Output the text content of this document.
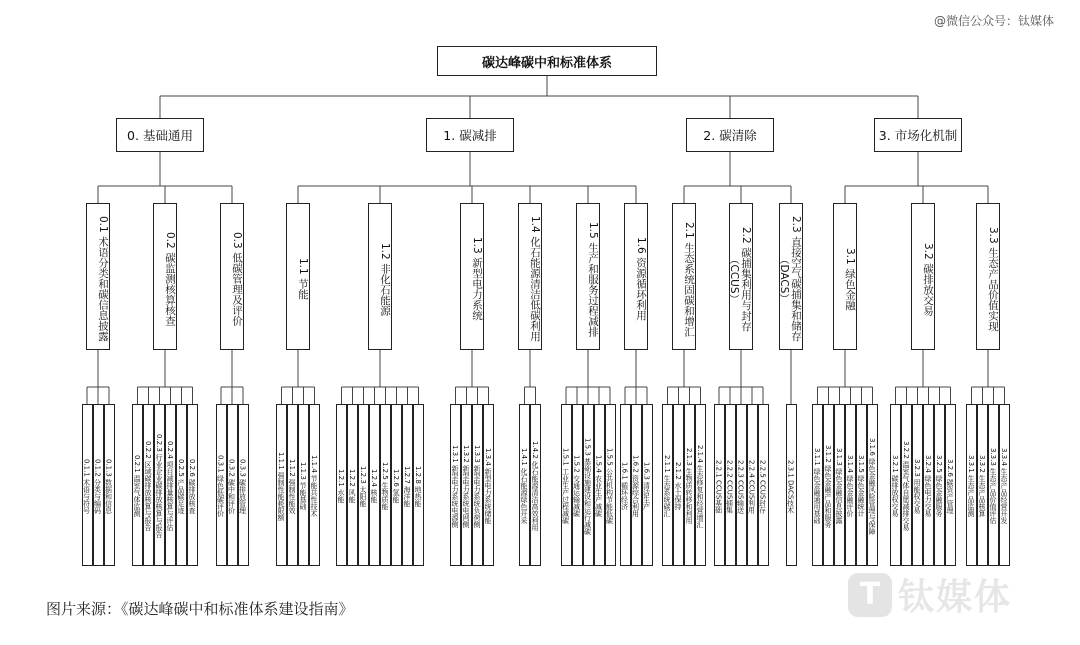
@微信公众号：钛媒体
碳达峰碳中和标准体系
0. 基础通用
0.1 术语分类和碳信息披露
0.1.1 术语与符号 0.1.2 分类与编码 0.1.3 数据和信息
0.2 碳监测核算核查
0.2.1 温室气体监测 0.2.2 区域碳排放核算与报告 0.2.3 行业企业碳排放核算与报告 0.2.4 项目减排量核算与评估 0.2.5 产品碳足迹 0.2.6 碳排放核查
0.3 低碳管理及评价
0.3.1 绿色低碳评价 0.3.2 碳中和评价 0.3.3 碳排放管理
1. 碳减排
1.1 节能
1.1.1 强制性能耗限额 1.1.2 强制性能效 1.1.3 节能基础 1.1.4 节能共性技术
1.2 非化石能源
1.2.1 水能 1.2.2 风能 1.2.3 太阳能 1.2.4 核能 1.2.5 生物质能 1.2.6 氢能 1.2.7 海洋能 1.2.8 地热能
1.3 新型电力系统
1.3.1 新型电力系统电源侧 1.3.2 新型电力系统电网侧 1.3.3 新型电力系统负荷侧 1.3.4 新型电力系统储能
1.4 化石能源清洁低碳利用
1.4.1 化石能源绿色开采 1.4.2 化石能源清洁高效利用
1.5 生产和服务过程减排
1.5.1 工业生产过程减碳 1.5.2 交通运输减碳 1.5.3 基础设施建设和运行减碳 1.5.4 农业生产减碳 1.5.5 公共机构节能低碳
1.6 资源循环利用
1.6.1 循环经济 1.6.2 资源综合利用 1.6.3 清洁生产
2. 碳清除
2.1 生态系统固碳和增汇
2.1.1 生态系统碳汇 2.1.2 水土保持 2.1.3 生物质转移和利用 2.1.4 生态修复和经营增汇
2.2 碳捕集利用与封存（CCUS）
2.2.1 CCUS基础 2.2.2 CCUS捕集 2.2.3 CCUS输送 2.2.4 CCUS利用 2.2.5 CCUS封存
2.3 直接空气碳捕集和储存（DACS）
2.3.1 DACS技术
3. 市场化机制
3.1 绿色金融
3.1.1 绿色金融通用基础 3.1.2 绿色金融产品和服务 3.1.3 绿色金融信息披露 3.1.4 绿色金融评价 3.1.5 绿色金融统计 3.1.6 绿色金融风险管理与保障
3.2 碳排放交易
3.2.1 碳排放权交易 3.2.2 温室气体自愿减排交易 3.2.3 用能权交易 3.2.4 绿色电力交易 3.2.5 绿色金融服务 3.2.6 碳资产管理
3.3 生态产品价值实现
3.3.1 生态产品监测 3.3.2 生态产品核算 3.3.3 生态产品价值评估 3.3.4 生态产品经营开发
图片来源：《碳达峰碳中和标准体系建设指南》	T 钛媒体
